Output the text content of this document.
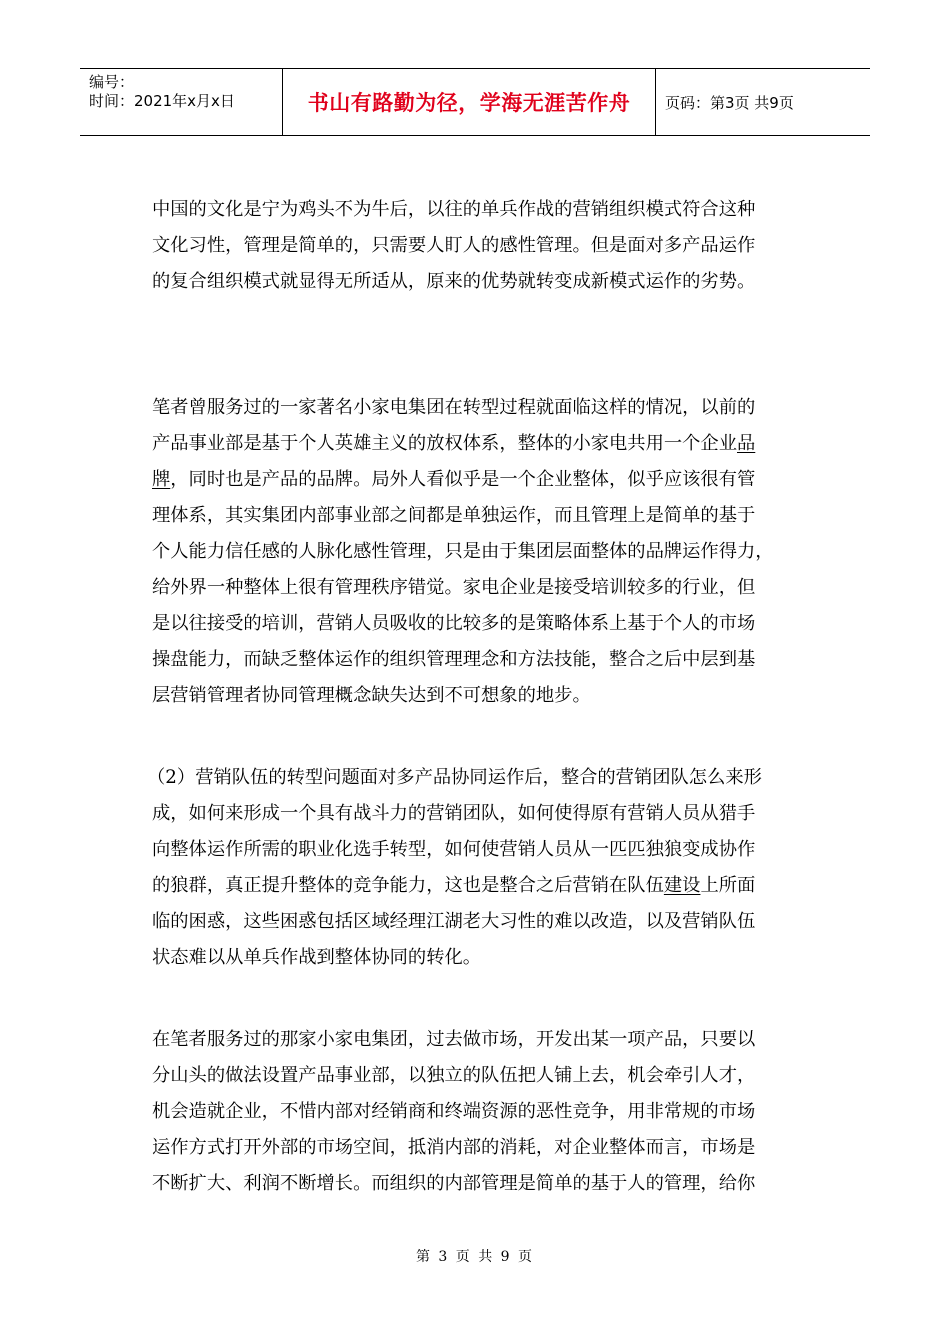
编号：
时间：2021年x月x日	书山有路勤为径，学海无涯苦作舟	页码：第3页 共9页
中国的文化是宁为鸡头不为牛后，以往的单兵作战的营销组织模式符合这种
文化习性，管理是简单的，只需要人盯人的感性管理。但是面对多产品运作
的复合组织模式就显得无所适从，原来的优势就转变成新模式运作的劣势。
笔者曾服务过的一家著名小家电集团在转型过程就面临这样的情况，以前的
产品事业部是基于个人英雄主义的放权体系，整体的小家电共用一个企业品
牌，同时也是产品的品牌。局外人看似乎是一个企业整体，似乎应该很有管
理体系，其实集团内部事业部之间都是单独运作，而且管理上是简单的基于
个人能力信任感的人脉化感性管理，只是由于集团层面整体的品牌运作得力，
给外界一种整体上很有管理秩序错觉。家电企业是接受培训较多的行业，但
是以往接受的培训，营销人员吸收的比较多的是策略体系上基于个人的市场
操盘能力，而缺乏整体运作的组织管理理念和方法技能，整合之后中层到基
层营销管理者协同管理概念缺失达到不可想象的地步。
（2）营销队伍的转型问题面对多产品协同运作后，整合的营销团队怎么来形
成，如何来形成一个具有战斗力的营销团队，如何使得原有营销人员从猎手
向整体运作所需的职业化选手转型，如何使营销人员从一匹匹独狼变成协作
的狼群，真正提升整体的竞争能力，这也是整合之后营销在队伍建设上所面
临的困惑，这些困惑包括区域经理江湖老大习性的难以改造，以及营销队伍
状态难以从单兵作战到整体协同的转化。
在笔者服务过的那家小家电集团，过去做市场，开发出某一项产品，只要以
分山头的做法设置产品事业部，以独立的队伍把人铺上去，机会牵引人才，
机会造就企业，不惜内部对经销商和终端资源的恶性竞争，用非常规的市场
运作方式打开外部的市场空间，抵消内部的消耗，对企业整体而言，市场是
不断扩大、利润不断增长。而组织的内部管理是简单的基于人的管理，给你
第 3 页 共 9 页
